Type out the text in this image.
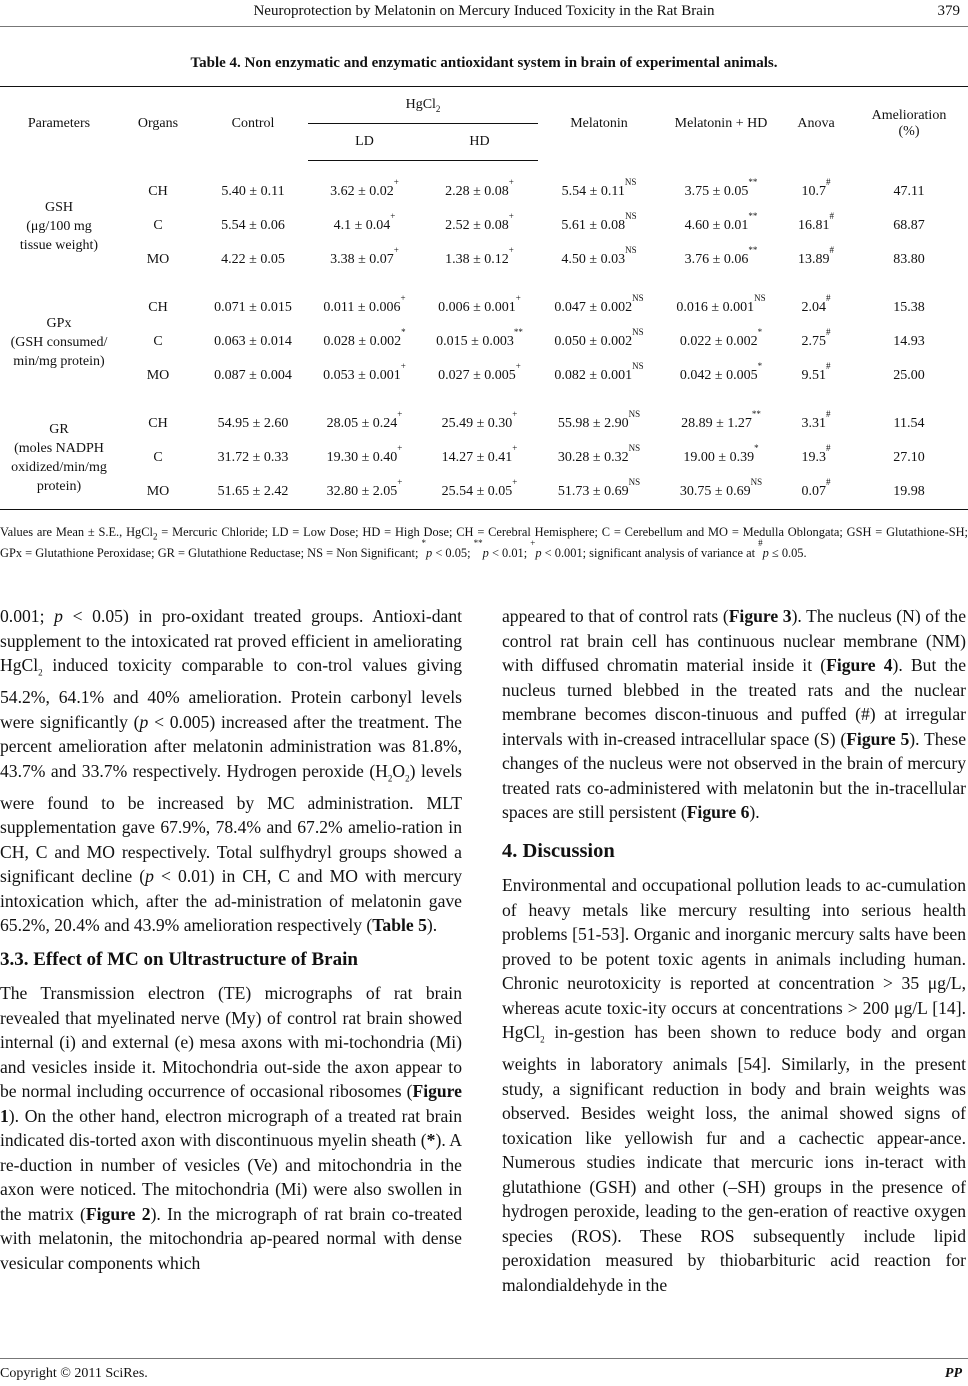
Neuroprotection by Melatonin on Mercury Induced Toxicity in the Rat Brain	379
Table 4. Non enzymatic and enzymatic antioxidant system in brain of experimental animals.
Parameters	Organs	Control	HgCl$_2$		Melatonin	Melatonin + HD	Anova	Amelioration
(%)

			LD	HD				

GSH
(μg/100 mg
tissue weight)	CH	5.40 ± 0.11	3.62 ± 0.02+	2.28 ± 0.08+	$5.54 \pm 0.11^{NS}$	3.75 ± 0.05**	10.7#	47.11
	C	5.54 ± 0.06	4.1 ± 0.04+	2.52 ± 0.08+	$5.61 \pm 0.08^{NS}$	4.60 ± 0.01**	16.81#	68.87
	MO	4.22 ± 0.05	3.38 ± 0.07+	1.38 ± 0.12+	$4.50 \pm 0.03^{NS}$	3.76 ± 0.06**	13.89#	83.80

GPx
(GSH consumed/
min/mg protein)	CH	0.071 ± 0.015	0.011 ± 0.006+	0.006 ± 0.001+	$0.047 \pm 0.002^{NS}$	$0.016 \pm 0.001^{NS}$	2.04#	15.38
	C	0.063 ± 0.014	0.028 ± 0.002*	0.015 ± 0.003**	$0.050 \pm 0.002^{NS}$	0.022 ± 0.002*	2.75#	14.93
	MO	0.087 ± 0.004	0.053 ± 0.001+	0.027 ± 0.005+	$0.082 \pm 0.001^{NS}$	0.042 ± 0.005*	9.51#	25.00

GR
(moles NADPH
oxidized/min/mg
protein)	CH	54.95 ± 2.60	28.05 ± 0.24+	25.49 ± 0.30+	$55.98 \pm 2.90^{NS}$	28.89 ± 1.27**	3.31#	11.54
	C	31.72 ± 0.33	19.30 ± 0.40+	14.27 ± 0.41+	$30.28 \pm 0.32^{NS}$	19.00 ± 0.39*	19.3#	27.10
	MO	51.65 ± 2.42	32.80 ± 2.05+	25.54 ± 0.05+	$51.73 \pm 0.69^{NS}$	$30.75 \pm 0.69^{NS}$	0.07#	19.98
Values are Mean ± S.E., HgCl$_2$ = Mercuric Chloride; LD = Low Dose; HD = High Dose; CH = Cerebral Hemisphere; C = Cerebellum and MO = Medulla Oblongata; GSH = Glutathione-SH; GPx = Glutathione Peroxidase; GR = Glutathione Reductase; NS = Non Significant; *p < 0.05; **p < 0.01; +p < 0.001; significant analysis of variance at #p ≤ 0.05.

0.001; p < 0.05) in pro-oxidant treated groups. Antioxi-dant supplement to the intoxicated rat proved efficient in ameliorating HgCl$_2$ induced toxicity comparable to con-trol values giving 54.2%, 64.1% and 40% amelioration. Protein carbonyl levels were significantly (p < 0.005) increased after the treatment. The percent amelioration after melatonin administration was 81.8%, 43.7% and 33.7% respectively. Hydrogen peroxide $(H_2O_2)$ levels were found to be increased by MC administration. MLT supplementation gave 67.9%, 78.4% and 67.2% amelio-ration in CH, C and MO respectively. Total sulfhydryl groups showed a significant decline (p < 0.01) in CH, C and MO with mercury intoxication which, after the ad-ministration of melatonin gave 65.2%, 20.4% and 43.9% amelioration respectively (Table 5).

3.3. Effect of MC on Ultrastructure of Brain

The Transmission electron (TE) micrographs of rat brain revealed that myelinated nerve (My) of control rat brain showed internal (i) and external (e) mesa axons with mi-tochondria (Mi) and vesicles inside it. Mitochondria out-side the axon appear to be normal including occurrence of occasional ribosomes (Figure 1). On the other hand, electron micrograph of a treated rat brain indicated dis-torted axon with discontinuous myelin sheath (*). A re-duction in number of vesicles (Ve) and mitochondria in the axon were noticed. The mitochondria (Mi) were also swollen in the matrix (Figure 2). In the micrograph of rat brain co-treated with melatonin, the mitochondria ap-peared normal with dense vesicular components which

appeared to that of control rats (Figure 3). The nucleus (N) of the control rat brain cell has continuous nuclear membrane (NM) with diffused chromatin material inside it (Figure 4). But the nucleus turned blebbed in the treated rats and the nuclear membrane becomes discon-tinuous and puffed (#) at irregular intervals with in-creased intracellular space (S) (Figure 5). These changes of the nucleus were not observed in the brain of mercury treated rats co-administered with melatonin but the in-tracellular spaces are still persistent (Figure 6).

4. Discussion

Environmental and occupational pollution leads to ac-cumulation of heavy metals like mercury resulting into serious health problems [51-53]. Organic and inorganic mercury salts have been proved to be potent toxic agents in animals including human. Chronic neurotoxicity is reported at concentration > 35 μg/L, whereas acute toxic-ity occurs at concentrations > 200 μg/L [14]. HgCl$_2$ in-gestion has been shown to reduce body and organ weights in laboratory animals [54]. Similarly, in the present study, a significant reduction in body and brain weights was observed. Besides weight loss, the animal showed signs of toxication like yellowish fur and a cachectic appear-ance. Numerous studies indicate that mercuric ions in-teract with glutathione (GSH) and other (–SH) groups in the presence of hydrogen peroxide, leading to the gen-eration of reactive oxygen species (ROS). These ROS subsequently include lipid peroxidation measured by thiobarbituric acid reaction for malondialdehyde in the

Copyright © 2011 SciRes.	PP
